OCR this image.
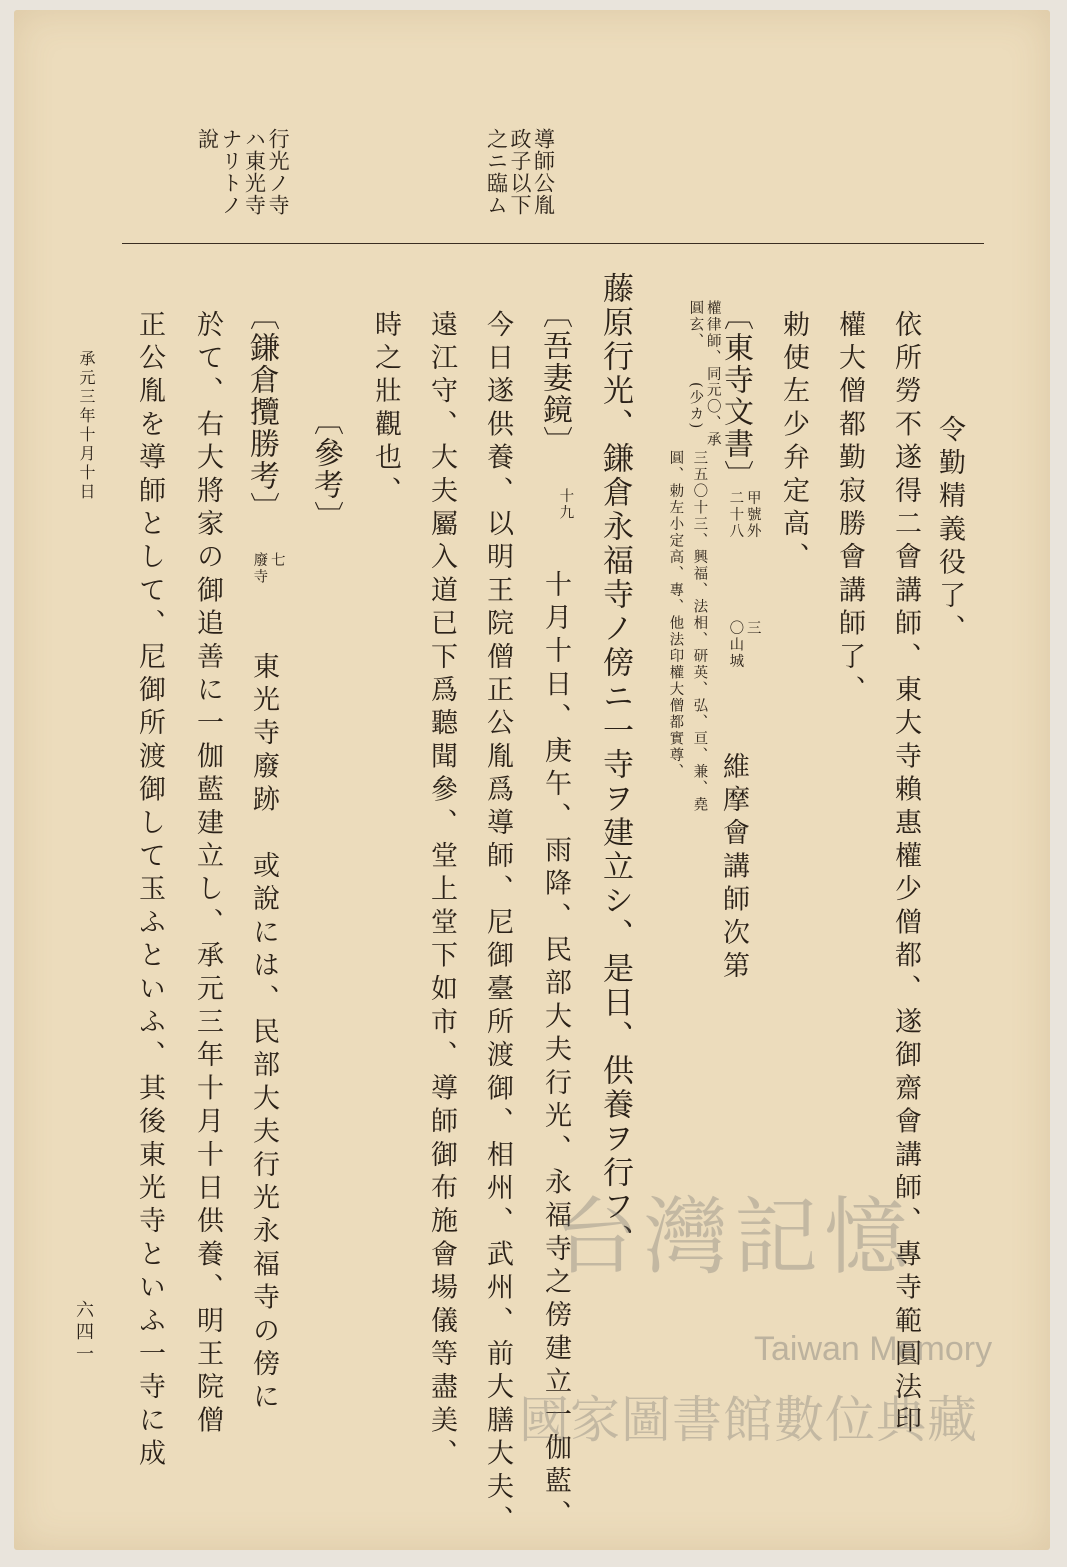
導師公胤
政子以下
之ニ臨ム
行光ノ寺
ハ東光寺
ナリトノ
說
令勤精義役了、
依所勞不遂得二會講師、東大寺賴惠權少僧都、遂御齋會講師、專寺範圓法印
權大僧都勤寂勝會講師了、
勅使左少弁定高、
〔東寺文書〕
甲號外
二十八
三
〇山城
維摩會講師次第
權律師、同
圓玄、
元〇、承
(少カ)
三五〇十三、興福、法相、研英、弘、亘、兼、堯
圓、勅左小定高、專、他法印權大僧都實尊、
藤原行光、鎌倉永福寺ノ傍ニ一寺ヲ建立シ、是日、供養ヲ行フ、
〔吾妻鏡〕
十九
十月十日、庚午、雨降、民部大夫行光、永福寺之傍建立一伽藍、
今日遂供養、以明王院僧正公胤爲導師、尼御臺所渡御、相州、武州、前大膳大夫、
遠江守、大夫屬入道已下爲聽聞參、堂上堂下如市、導師御布施會場儀等盡美、
時之壯觀也、
〔參考〕
〔鎌倉攬勝考〕
七
廢寺
東光寺廢跡　或說には、民部大夫行光永福寺の傍に
於て、右大將家の御追善に一伽藍建立し、承元三年十月十日供養、明王院僧
正公胤を導師として、尼御所渡御して玉ふといふ、其後東光寺といふ一寺に成
承元三年十月十日
六四一
台灣記憶
Taiwan Memory
國家圖書館數位典藏
